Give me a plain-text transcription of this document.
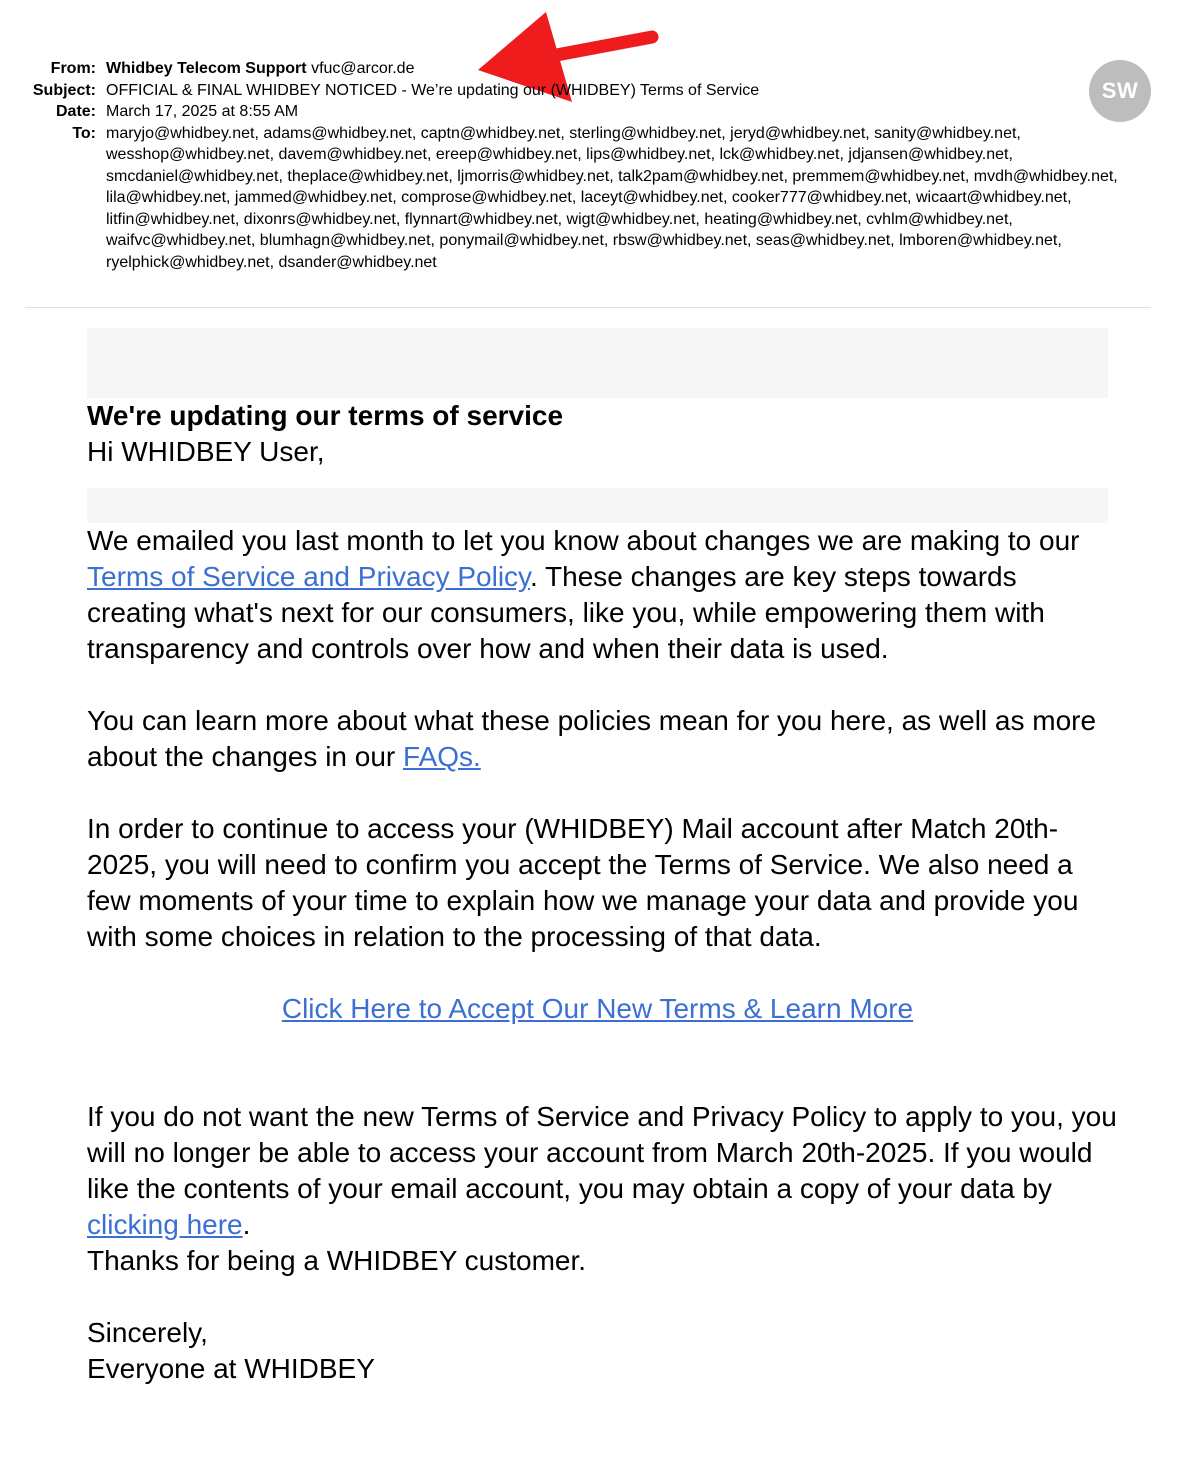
From: Whidbey Telecom Support vfuc@arcor.de
Subject: OFFICIAL & FINAL WHIDBEY NOTICED - We’re updating our (WHIDBEY) Terms of Service
Date: March 17, 2025 at 8:55 AM
To: maryjo@whidbey.net, adams@whidbey.net, captn@whidbey.net, sterling@whidbey.net, jeryd@whidbey.net, sanity@whidbey.net, wesshop@whidbey.net, davem@whidbey.net, ereep@whidbey.net, lips@whidbey.net, lck@whidbey.net, jdjansen@whidbey.net, smcdaniel@whidbey.net, theplace@whidbey.net, ljmorris@whidbey.net, talk2pam@whidbey.net, premmem@whidbey.net, mvdh@whidbey.net, lila@whidbey.net, jammed@whidbey.net, comprose@whidbey.net, laceyt@whidbey.net, cooker777@whidbey.net, wicaart@whidbey.net, litfin@whidbey.net, dixonrs@whidbey.net, flynnart@whidbey.net, wigt@whidbey.net, heating@whidbey.net, cvhlm@whidbey.net, waifvc@whidbey.net, blumhagn@whidbey.net, ponymail@whidbey.net, rbsw@whidbey.net, seas@whidbey.net, lmboren@whidbey.net, ryelphick@whidbey.net, dsander@whidbey.net
SW
We're updating our terms of service
Hi WHIDBEY User,

We emailed you last month to let you know about changes we are making to our Terms of Service and Privacy Policy. These changes are key steps towards creating what's next for our consumers, like you, while empowering them with transparency and controls over how and when their data is used.

You can learn more about what these policies mean for you here, as well as more about the changes in our FAQs.

In order to continue to access your (WHIDBEY) Mail account after Match 20th-2025, you will need to confirm you accept the Terms of Service. We also need a few moments of your time to explain how we manage your data and provide you with some choices in relation to the processing of that data.

Click Here to Accept Our New Terms & Learn More

If you do not want the new Terms of Service and Privacy Policy to apply to you, you will no longer be able to access your account from March 20th-2025. If you would like the contents of your email account, you may obtain a copy of your data by clicking here.

Thanks for being a WHIDBEY customer.
Sincerely,
Everyone at WHIDBEY
